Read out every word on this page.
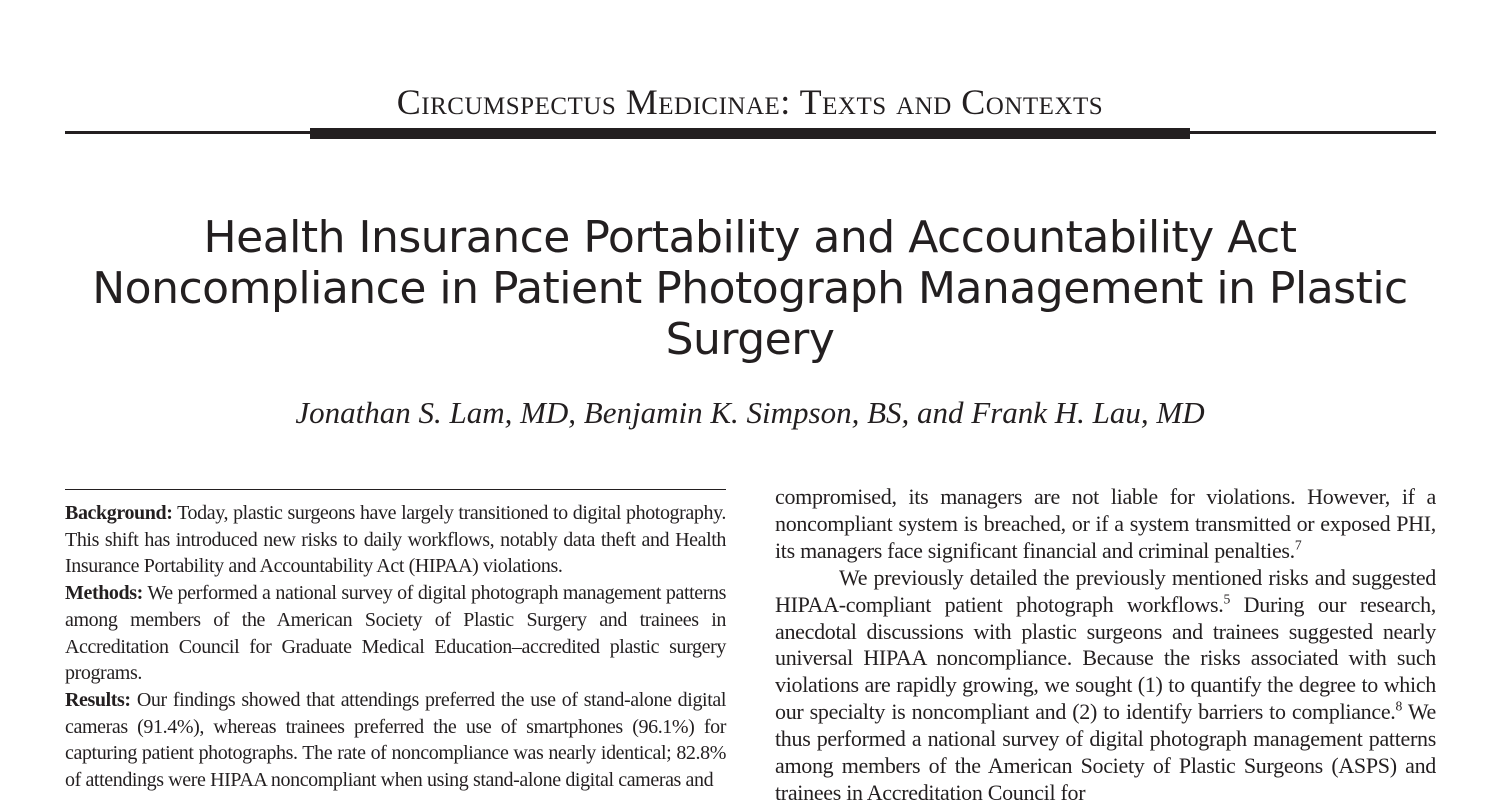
Circumspectus Medicinae: Texts and Contexts
Health Insurance Portability and Accountability Act Noncompliance in Patient Photograph Management in Plastic Surgery
Jonathan S. Lam, MD, Benjamin K. Simpson, BS, and Frank H. Lau, MD

Background: Today, plastic surgeons have largely transitioned to digital photography. This shift has introduced new risks to daily workflows, notably data theft and Health Insurance Portability and Accountability Act (HIPAA) violations.

Methods: We performed a national survey of digital photograph management patterns among members of the American Society of Plastic Surgery and trainees in Accreditation Council for Graduate Medical Education–accredited plastic surgery programs.

Results: Our findings showed that attendings preferred the use of stand-alone digital cameras (91.4%), whereas trainees preferred the use of smartphones (96.1%) for capturing patient photographs. The rate of noncompliance was nearly identical; 82.8% of attendings were HIPAA noncompliant when using stand-alone digital cameras and

compromised, its managers are not liable for violations. However, if a noncompliant system is breached, or if a system transmitted or exposed PHI, its managers face significant financial and criminal penalties.$^7$

We previously detailed the previously mentioned risks and suggested HIPAA-compliant patient photograph workflows.$^5$ During our research, anecdotal discussions with plastic surgeons and trainees suggested nearly universal HIPAA noncompliance. Because the risks associated with such violations are rapidly growing, we sought (1) to quantify the degree to which our specialty is noncompliant and (2) to identify barriers to compliance.$^8$ We thus performed a national survey of digital photograph management patterns among members of the American Society of Plastic Surgeons (ASPS) and trainees in Accreditation Council for
